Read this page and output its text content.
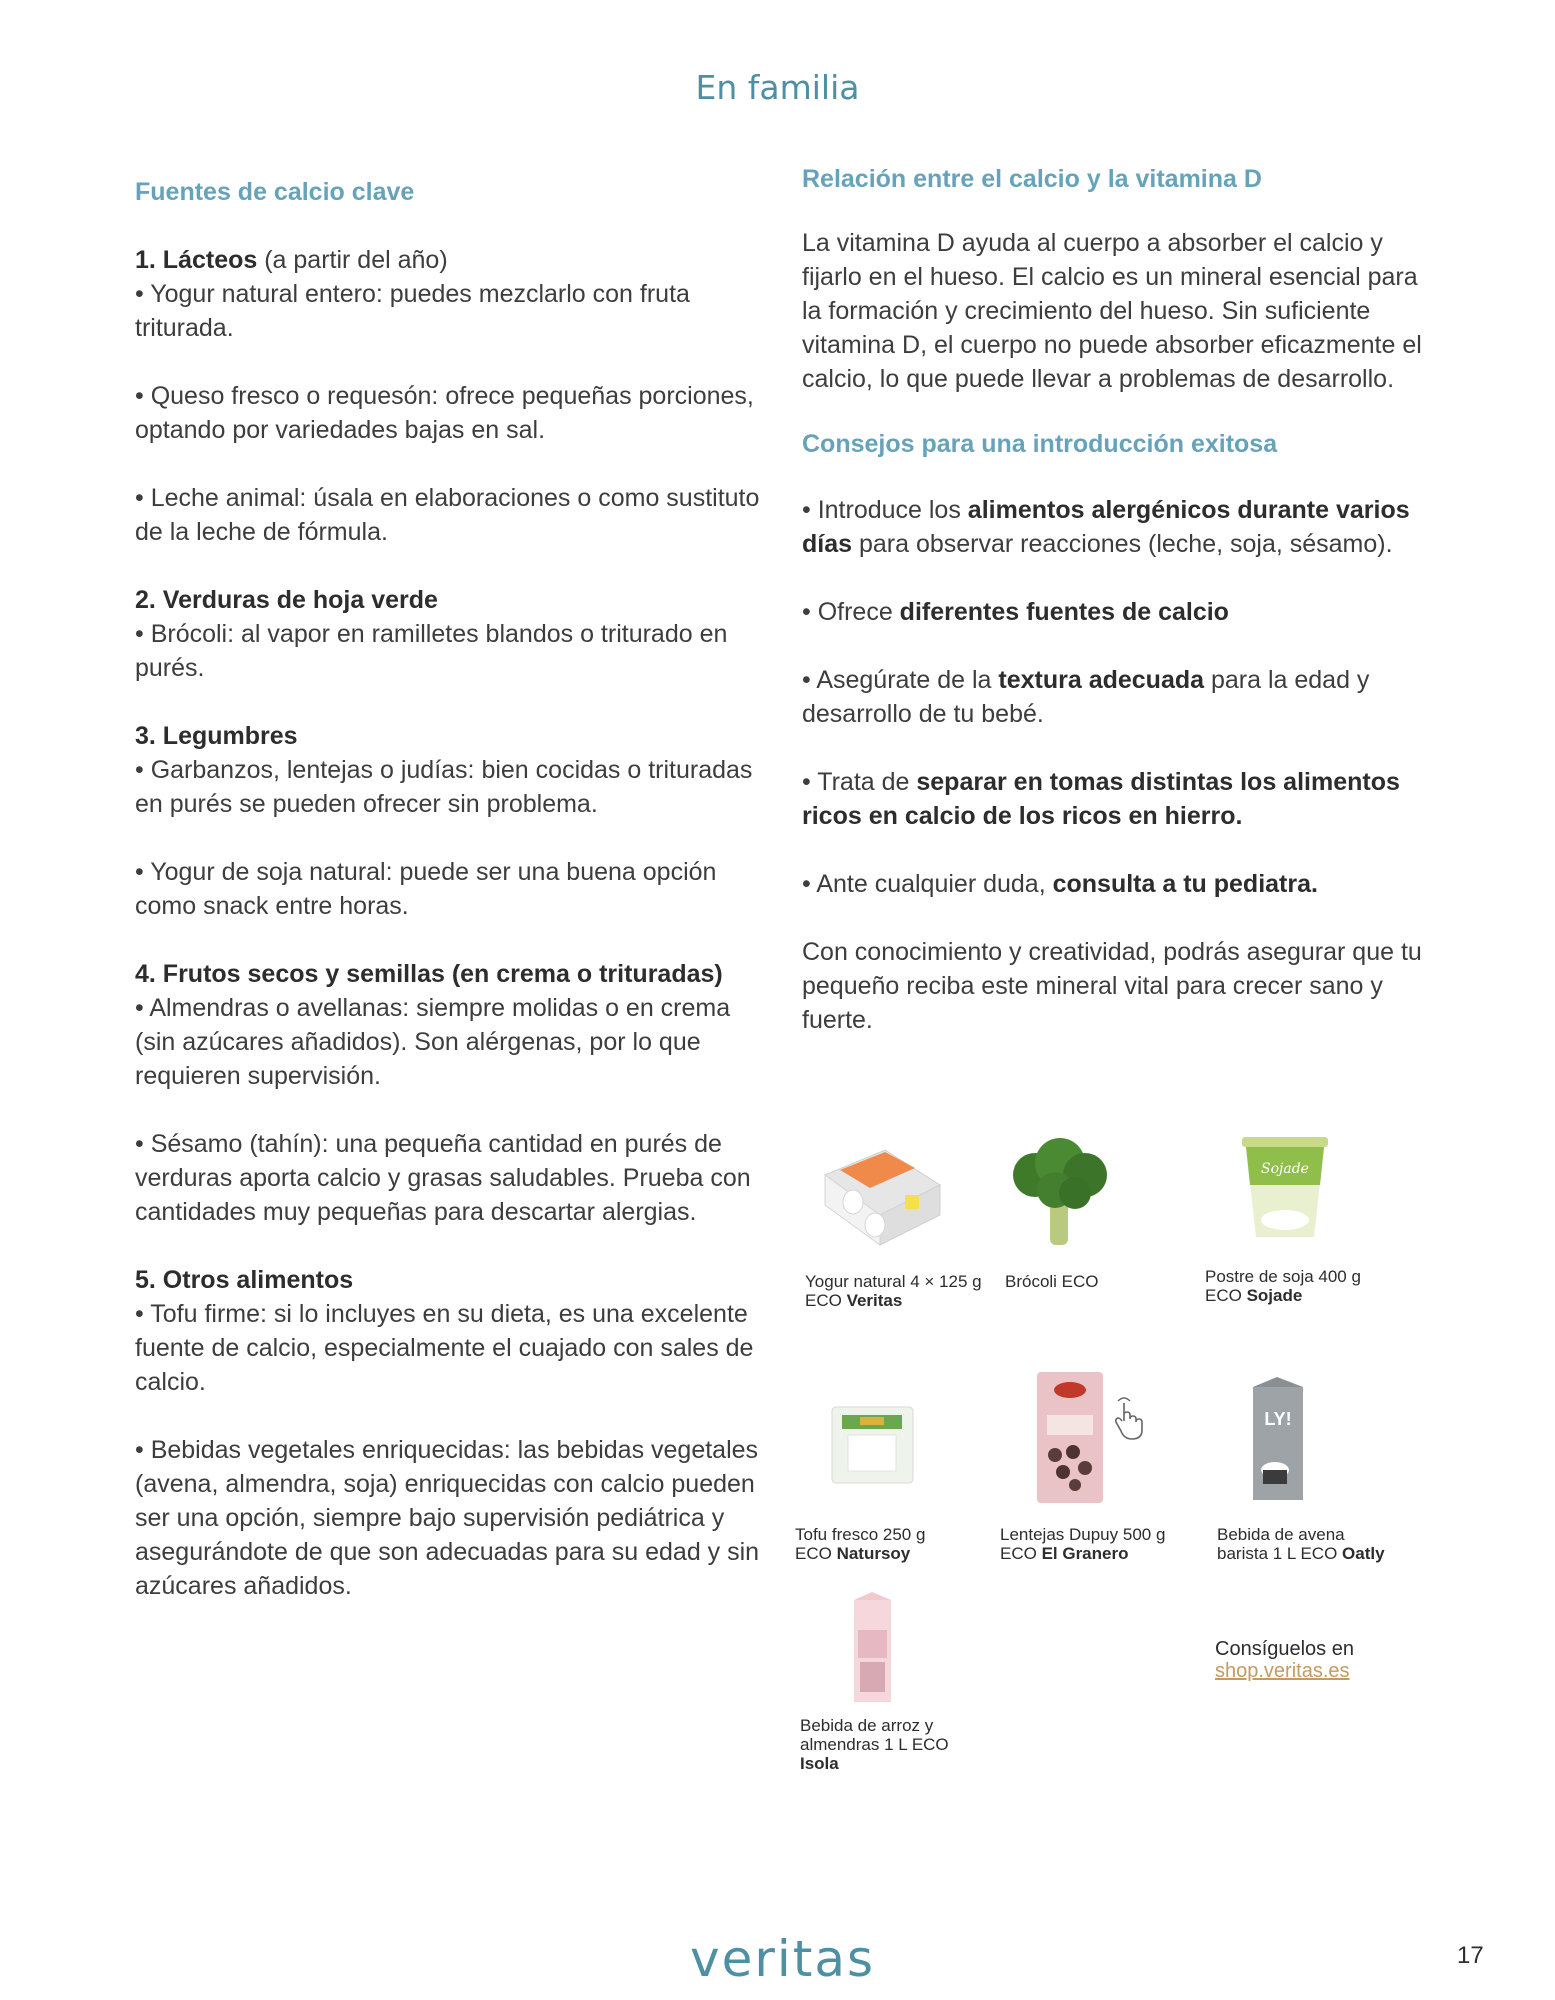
En familia
Fuentes de calcio clave

1. Lácteos (a partir del año)

• Yogur natural entero: puedes mezclarlo con fruta triturada.

• Queso fresco o requesón: ofrece pequeñas porciones, optando por variedades bajas en sal.

• Leche animal: úsala en elaboraciones o como sustituto de la leche de fórmula.

2. Verduras de hoja verde

• Brócoli: al vapor en ramilletes blandos o triturado en purés.

3. Legumbres

• Garbanzos, lentejas o judías: bien cocidas o trituradas en purés se pueden ofrecer sin problema.

• Yogur de soja natural: puede ser una buena opción como snack entre horas.

4. Frutos secos y semillas (en crema o trituradas)

• Almendras o avellanas: siempre molidas o en crema (sin azúcares añadidos). Son alérgenas, por lo que requieren supervisión.

• Sésamo (tahín): una pequeña cantidad en purés de verduras aporta calcio y grasas saludables. Prueba con cantidades muy pequeñas para descartar alergias.

5. Otros alimentos

• Tofu firme: si lo incluyes en su dieta, es una excelente fuente de calcio, especialmente el cuajado con sales de calcio.

• Bebidas vegetales enriquecidas: las bebidas vegetales (avena, almendra, soja) enriquecidas con calcio pueden ser una opción, siempre bajo supervisión pediátrica y asegurándote de que son adecuadas para su edad y sin azúcares añadidos.

Relación entre el calcio y la vitamina D

La vitamina D ayuda al cuerpo a absorber el calcio y fijarlo en el hueso. El calcio es un mineral esencial para la formación y crecimiento del hueso. Sin suficiente vitamina D, el cuerpo no puede absorber eficazmente el calcio, lo que puede llevar a problemas de desarrollo.

Consejos para una introducción exitosa

• Introduce los alimentos alergénicos durante varios días para observar reacciones (leche, soja, sésamo).

• Ofrece diferentes fuentes de calcio

• Asegúrate de la textura adecuada para la edad y desarrollo de tu bebé.

• Trata de separar en tomas distintas los alimentos ricos en calcio de los ricos en hierro.

• Ante cualquier duda, consulta a tu pediatra.

Con conocimiento y creatividad, podrás asegurar que tu pequeño reciba este mineral vital para crecer sano y fuerte.

Yogur natural 4 × 125 g
ECO Veritas
Brócoli ECO
Sojade
Postre de soja 400 g
ECO Sojade
Tofu fresco 250 g
ECO Natursoy
Lentejas Dupuy 500 g
ECO El Granero
LY!
Bebida de avena
barista 1 L ECO Oatly
Bebida de arroz y
almendras 1 L ECO
Isola
Consíguelos en
shop.veritas.es
veritas	17
